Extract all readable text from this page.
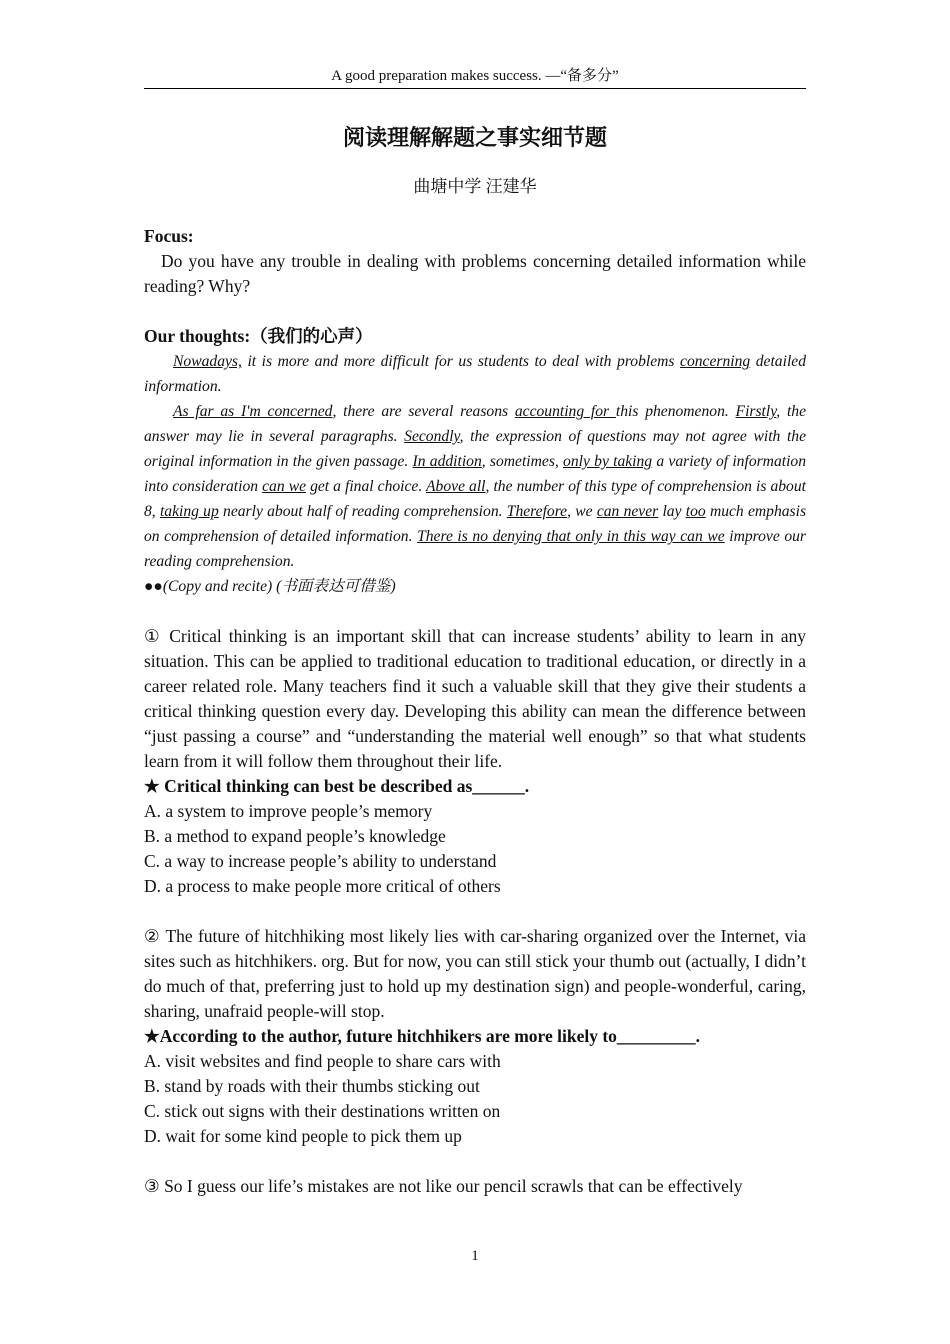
A good preparation makes success. —“备多分”
阅读理解解题之事实细节题
曲塘中学 汪建华

Focus:

Do you have any trouble in dealing with problems concerning detailed information while reading? Why?

Our thoughts:（我们的心声）

Nowadays, it is more and more difficult for us students to deal with problems concerning detailed information.

As far as I'm concerned, there are several reasons accounting for this phenomenon. Firstly, the answer may lie in several paragraphs. Secondly, the expression of questions may not agree with the original information in the given passage. In addition, sometimes, only by taking a variety of information into consideration can we get a final choice. Above all, the number of this type of comprehension is about 8, taking up nearly about half of reading comprehension. Therefore, we can never lay too much emphasis on comprehension of detailed information. There is no denying that only in this way can we improve our reading comprehension.

●●(Copy and recite) (书面表达可借鉴)

① Critical thinking is an important skill that can increase students’ ability to learn in any situation. This can be applied to traditional education to traditional education, or directly in a career related role. Many teachers find it such a valuable skill that they give their students a critical thinking question every day. Developing this ability can mean the difference between “just passing a course” and “understanding the material well enough” so that what students learn from it will follow them throughout their life.

★ Critical thinking can best be described as______.

A. a system to improve people’s memory

B. a method to expand people’s knowledge

C. a way to increase people’s ability to understand

D. a process to make people more critical of others

② The future of hitchhiking most likely lies with car-sharing organized over the Internet, via sites such as hitchhikers. org. But for now, you can still stick your thumb out (actually, I didn’t do much of that, preferring just to hold up my destination sign) and people-wonderful, caring, sharing, unafraid people-will stop.

★According to the author, future hitchhikers are more likely to_________.

A. visit websites and find people to share cars with

B. stand by roads with their thumbs sticking out

C. stick out signs with their destinations written on

D. wait for some kind people to pick them up

③ So I guess our life’s mistakes are not like our pencil scrawls that can be effectively

1
